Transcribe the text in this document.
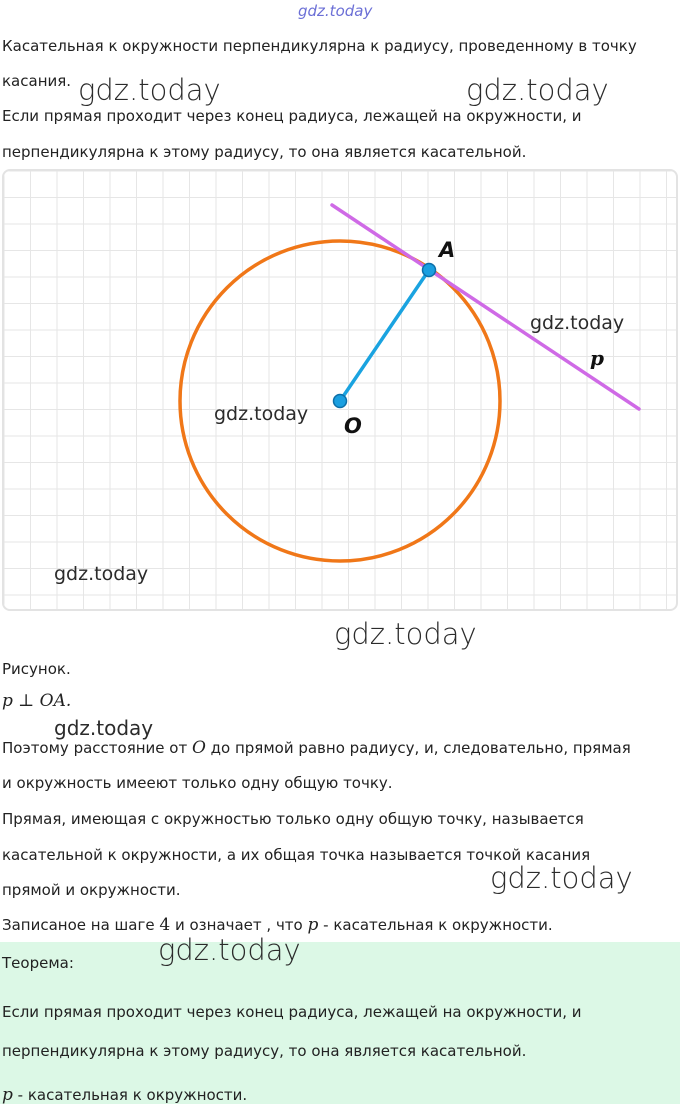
gdz.today
Касательная к окружности перпендикулярна к радиусу, проведенному в точку
касания. gdz.today	gdz.today
Если прямая проходит через конец радиуса, лежащей на окружности, и
перпендикулярна к этому радиусу, то она является касательной.
A
O
p
gdz.today
gdz.today
gdz.today
gdz.today
Рисунок.
p ⊥ OA.
gdz.today
Поэтому расстояние от O до прямой равно радиусу, и, следовательно, прямая
и окружность имееют только одну общую точку.
Прямая, имеющая с окружностью только одну общую точку, называется
касательной к окружности, а их общая точка называется точкой касания
gdz.today
прямой и окружности.
Записаное на шаге 4 и означает , что p - касательная к окружности.
Теорема:
Если прямая проходит через конец радиуса, лежащей на окружности, и
перпендикулярна к этому радиусу, то она является касательной.
p - касательная к окружности.
gdz.today
